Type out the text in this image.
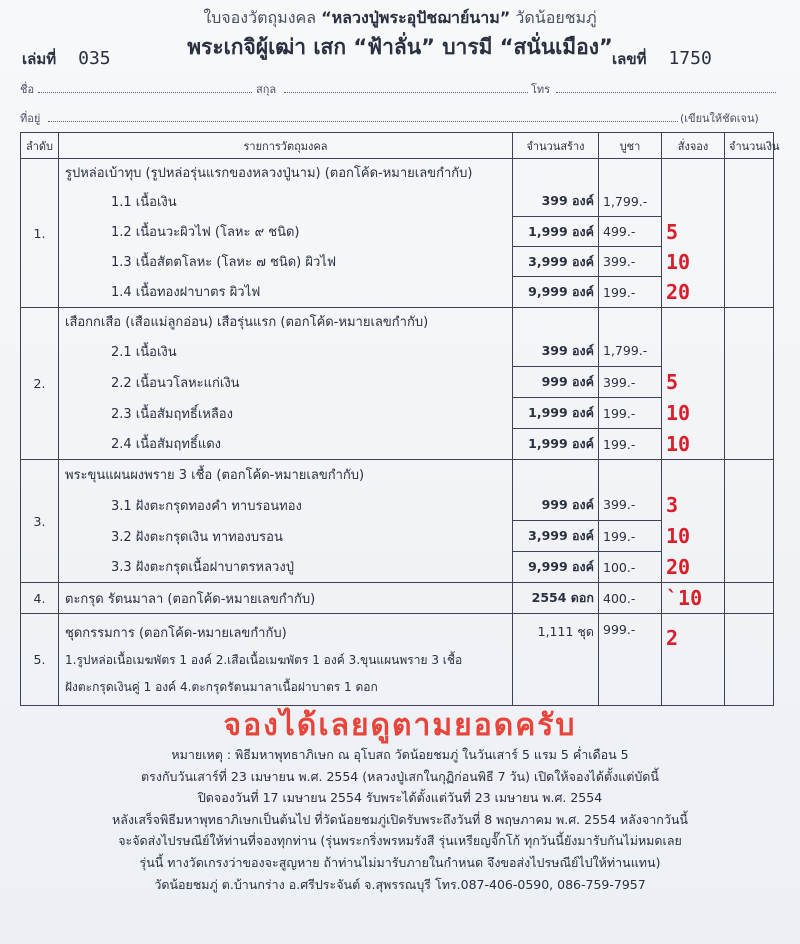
ใบจองวัตถุมงคล “หลวงปู่พระอุปัชฌาย์นาม” วัดน้อยชมภู่
พระเกจิผู้เฒ่า เสก “ฟ้าลั่น” บารมี “สนั่นเมือง”
เล่มที่ 035	เลขที่ 1750
ชื่อ	สกุล	โทร
ที่อยู่	(เขียนให้ชัดเจน)
ลำดับ	รายการวัตถุมงคล	จำนวนสร้าง	บูชา	สั่งจอง	จำนวนเงิน
1.	รูปหล่อเบ้าทุบ (รูปหล่อรุ่นแรกของหลวงปู่นาม) (ตอกโค้ด-หมายเลขกำกับ)				
	1.1 เนื้อเงิน	399 องค์	1,799.-		
	1.2 เนื้อนวะผิวไฟ (โลหะ ๙ ชนิด)	1,999 องค์	499.-	5	
	1.3 เนื้อสัตตโลหะ (โลหะ ๗ ชนิด) ผิวไฟ	3,999 องค์	399.-	10	
	1.4 เนื้อทองฝาบาตร ผิวไฟ	9,999 องค์	199.-	20	
2.	เสือกกเสือ (เสือแม่ลูกอ่อน) เสือรุ่นแรก (ตอกโค้ด-หมายเลขกำกับ)				
	2.1 เนื้อเงิน	399 องค์	1,799.-		
	2.2 เนื้อนวโลหะแก่เงิน	999 องค์	399.-	5	
	2.3 เนื้อสัมฤทธิ์เหลือง	1,999 องค์	199.-	10	
	2.4 เนื้อสัมฤทธิ์แดง	1,999 องค์	199.-	10	
3.	พระขุนแผนผงพราย 3 เชื้อ (ตอกโค้ด-หมายเลขกำกับ)				
	3.1 ฝังตะกรุดทองคำ ทาบรอนทอง	999 องค์	399.-	3	
	3.2 ฝังตะกรุดเงิน ทาทองบรอน	3,999 องค์	199.-	10	
	3.3 ฝังตะกรุดเนื้อฝาบาตรหลวงปู่	9,999 องค์	100.-	20	
4.	ตะกรุด รัตนมาลา (ตอกโค้ด-หมายเลขกำกับ)	2554 ดอก	400.-	`10	
5.	ชุดกรรมการ (ตอกโค้ด-หมายเลขกำกับ)
1.รูปหล่อเนื้อเมฆพัตร 1 องค์ 2.เสือเนื้อเมฆพัตร 1 องค์ 3.ขุนแผนพราย 3 เชื้อ
ฝังตะกรุดเงินคู่ 1 องค์ 4.ตะกรุดรัตนมาลาเนื้อฝาบาตร 1 ดอก	1,111 ชุด	999.-	2	
จองได้เลยดูตามยอดครับ

หมายเหตุ : พิธีมหาพุทธาภิเษก ณ อุโบสถ วัดน้อยชมภู่ ในวันเสาร์ 5 แรม 5 ค่ำเดือน 5

ตรงกับวันเสาร์ที่ 23 เมษายน พ.ศ. 2554 (หลวงปู่เสกในกุฏิก่อนพิธี 7 วัน) เปิดให้จองได้ตั้งแต่บัดนี้

ปิดจองวันที่ 17 เมษายน 2554 รับพระได้ตั้งแต่วันที่ 23 เมษายน พ.ศ. 2554

หลังเสร็จพิธีมหาพุทธาภิเษกเป็นต้นไป ที่วัดน้อยชมภู่เปิดรับพระถึงวันที่ 8 พฤษภาคม พ.ศ. 2554 หลังจากวันนี้

จะจัดส่งไปรษณีย์ให้ท่านที่จองทุกท่าน (รุ่นพระกริ่งพรหมรังสี รุ่นเหรียญจั๊กโก้ ทุกวันนี้ยังมารับกันไม่หมดเลย

รุ่นนี้ ทางวัดเกรงว่าของจะสูญหาย ถ้าท่านไม่มารับภายในกำหนด จึงขอส่งไปรษณีย์ไปให้ท่านแทน)

วัดน้อยชมภู่ ต.บ้านกร่าง อ.ศรีประจันต์ จ.สุพรรณบุรี โทร.087-406-0590, 086-759-7957
